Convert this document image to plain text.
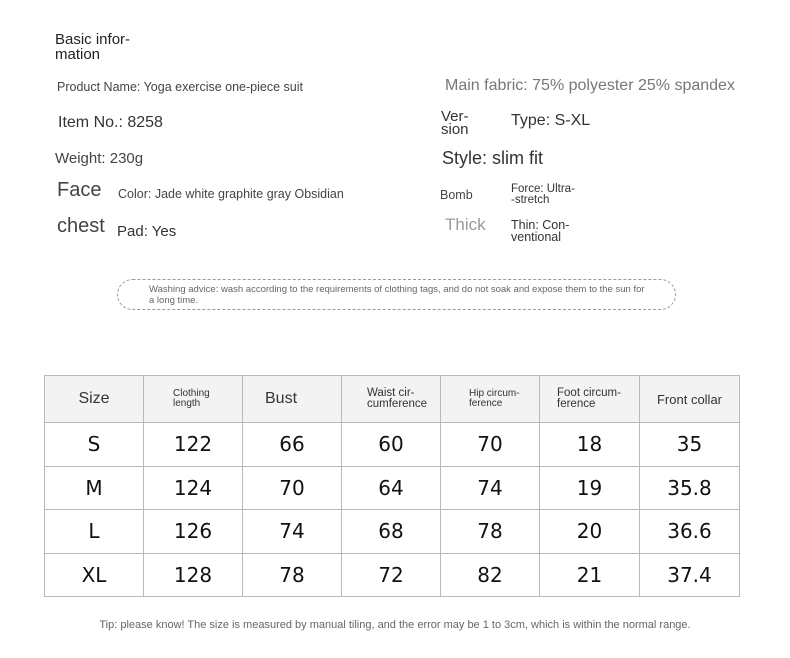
Basic infor-
mation
Product Name: Yoga exercise one-piece suit	Main fabric: 75% polyester 25% spandex
Item No.: 8258	Ver-
sion
Type: S-XL
Weight: 230g	Style: slim fit
Face Color: Jade white graphite gray Obsidian	Bomb	Force: Ultra-
-stretch
chest Pad: Yes	Thick Thin: Con-
ventional
Washing advice: wash according to the requirements of clothing tags, and do not soak and expose them to the sun for a long time.
Size	Clothing length	Bust	Waist cir-
cumference	Hip circum-
ference	Foot circum-
ference	Front collar
S	122	66	60	70	18	35
M	124	70	64	74	19	35.8
L	126	74	68	78	20	36.6
XL	128	78	72	82	21	37.4
Tip: please know! The size is measured by manual tiling, and the error may be 1 to 3cm, which is within the normal range.
